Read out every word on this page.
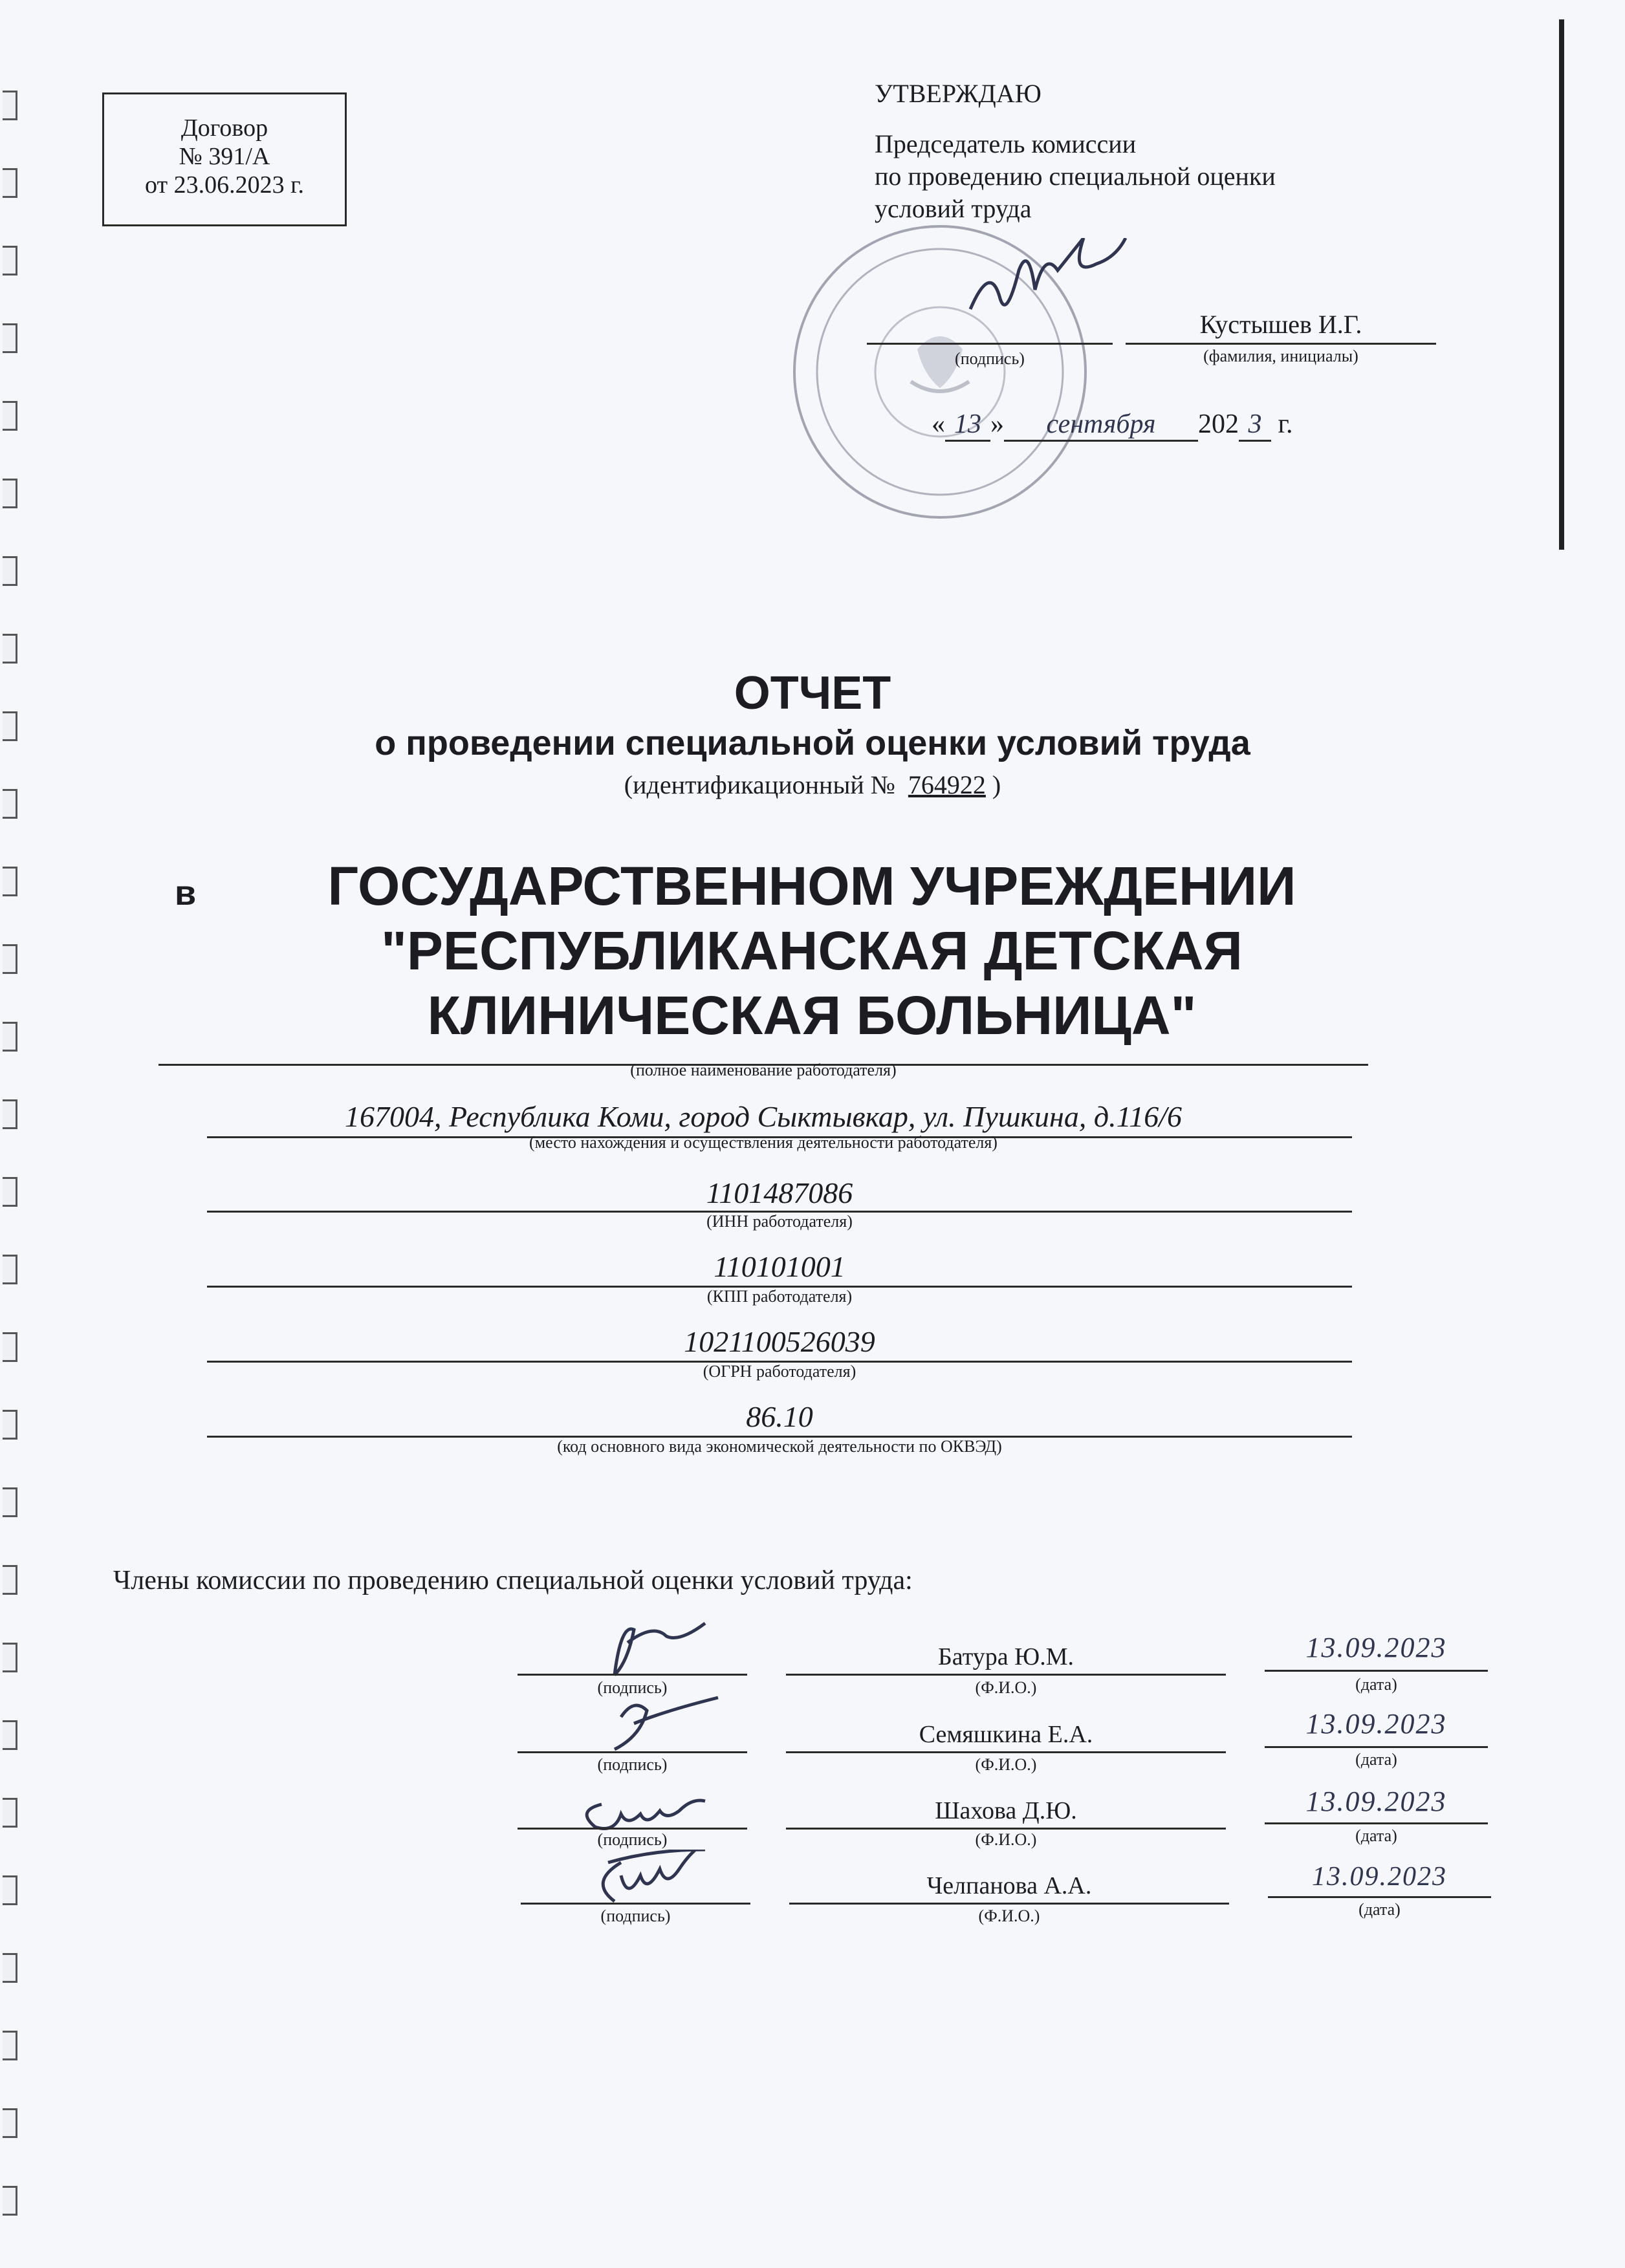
Договор
№ 391/А
от 23.06.2023 г.
УТВЕРЖДАЮ
Председатель комиссии
по проведению специальной оценки
условий труда
Кустышев И.Г.
(подпись)	(фамилия, инициалы)
« 13 » сентября 202 3 г.
ОТЧЕТ
о проведении специальной оценки условий труда
(идентификационный № 764922 )
в	ГОСУДАРСТВЕННОМ УЧРЕЖДЕНИИ
"РЕСПУБЛИКАНСКАЯ ДЕТСКАЯ
КЛИНИЧЕСКАЯ БОЛЬНИЦА"
(полное наименование работодателя)
167004, Республика Коми, город Сыктывкар, ул. Пушкина, д.116/6
(место нахождения и осуществления деятельности работодателя)
1101487086
(ИНН работодателя)
110101001
(КПП работодателя)
1021100526039
(ОГРН работодателя)
86.10
(код основного вида экономической деятельности по ОКВЭД)
Члены комиссии по проведению специальной оценки условий труда:
(подпись)
Батура Ю.М.
(Ф.И.О.)
13.09.2023
(дата)
(подпись)
Семяшкина Е.А.
(Ф.И.О.)
13.09.2023
(дата)
(подпись)
Шахова Д.Ю.
(Ф.И.О.)
13.09.2023
(дата)
(подпись)
Челпанова А.А.
(Ф.И.О.)
13.09.2023
(дата)
